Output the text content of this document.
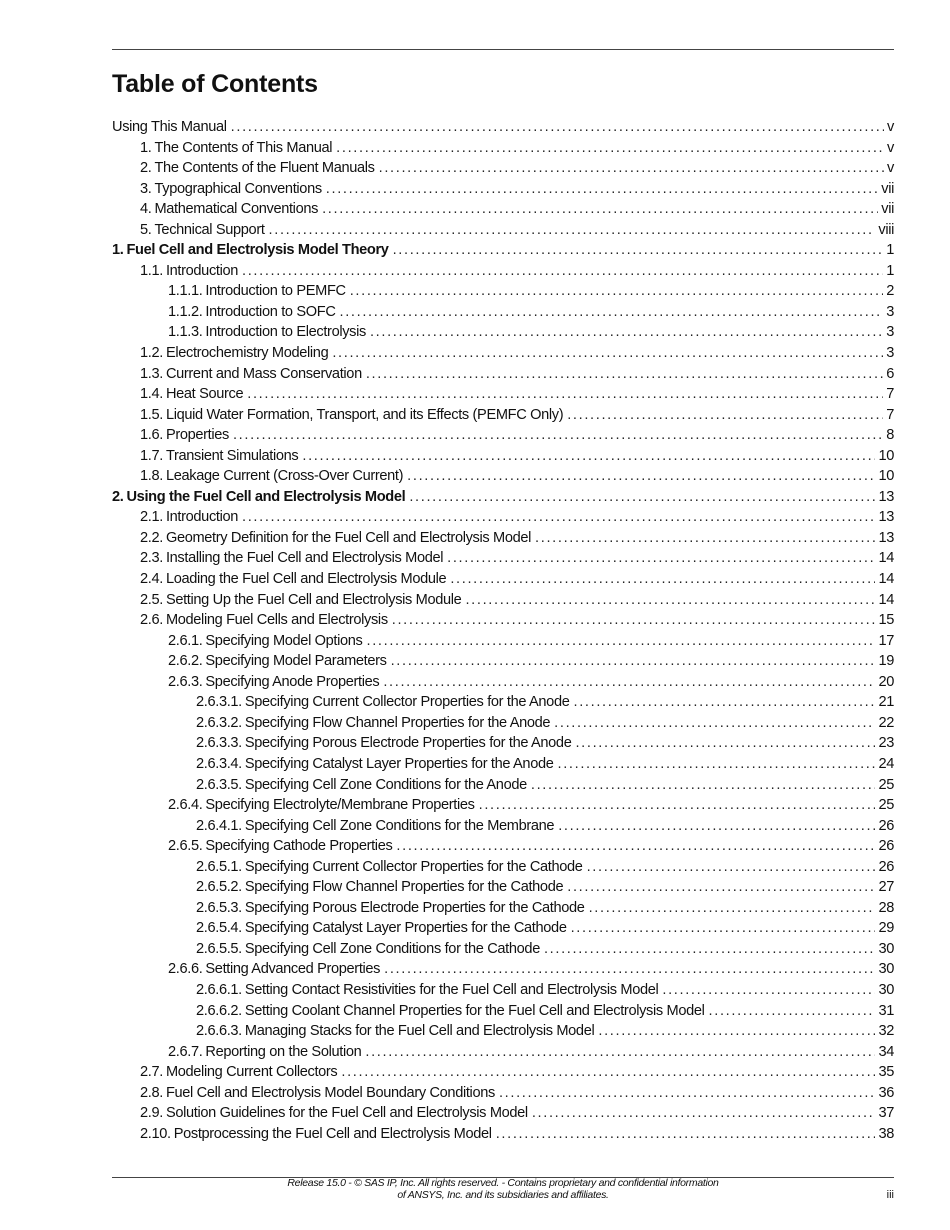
Table of Contents
Using This Manual . . .	v
1. The Contents of This Manual . . .	v
2. The Contents of the Fluent Manuals . . .	v
3. Typographical Conventions . . .	vii
4. Mathematical Conventions . . .	vii
5. Technical Support . . .	viii
1. Fuel Cell and Electrolysis Model Theory . . .	1
1.1. Introduction . . .	1
1.1.1. Introduction to PEMFC . . .	2
1.1.2. Introduction to SOFC . . .	3
1.1.3. Introduction to Electrolysis . . .	3
1.2. Electrochemistry Modeling . . .	3
1.3. Current and Mass Conservation . . .	6
1.4. Heat Source . . .	7
1.5. Liquid Water Formation, Transport, and its Effects (PEMFC Only) . . .	7
1.6. Properties . . .	8
1.7. Transient Simulations . . .	10
1.8. Leakage Current (Cross-Over Current) . . .	10
2. Using the Fuel Cell and Electrolysis Model . . .	13
2.1. Introduction . . .	13
2.2. Geometry Definition for the Fuel Cell and Electrolysis Model . . .	13
2.3. Installing the Fuel Cell and Electrolysis Model . . .	14
2.4. Loading the Fuel Cell and Electrolysis Module . . .	14
2.5. Setting Up the Fuel Cell and Electrolysis Module . . .	14
2.6. Modeling Fuel Cells and Electrolysis . . .	15
2.6.1. Specifying Model Options . . .	17
2.6.2. Specifying Model Parameters . . .	19
2.6.3. Specifying Anode Properties . . .	20
2.6.3.1. Specifying Current Collector Properties for the Anode . . .	21
2.6.3.2. Specifying Flow Channel Properties for the Anode . . .	22
2.6.3.3. Specifying Porous Electrode Properties for the Anode . . .	23
2.6.3.4. Specifying Catalyst Layer Properties for the Anode . . .	24
2.6.3.5. Specifying Cell Zone Conditions for the Anode . . .	25
2.6.4. Specifying Electrolyte/Membrane Properties . . .	25
2.6.4.1. Specifying Cell Zone Conditions for the Membrane . . .	26
2.6.5. Specifying Cathode Properties . . .	26
2.6.5.1. Specifying Current Collector Properties for the Cathode . . .	26
2.6.5.2. Specifying Flow Channel Properties for the Cathode . . .	27
2.6.5.3. Specifying Porous Electrode Properties for the Cathode . . .	28
2.6.5.4. Specifying Catalyst Layer Properties for the Cathode . . .	29
2.6.5.5. Specifying Cell Zone Conditions for the Cathode . . .	30
2.6.6. Setting Advanced Properties . . .	30
2.6.6.1. Setting Contact Resistivities for the Fuel Cell and Electrolysis Model . . .	30
2.6.6.2. Setting Coolant Channel Properties for the Fuel Cell and Electrolysis Model . . .	31
2.6.6.3. Managing Stacks for the Fuel Cell and Electrolysis Model . . .	32
2.6.7. Reporting on the Solution . . .	34
2.7. Modeling Current Collectors . . .	35
2.8. Fuel Cell and Electrolysis Model Boundary Conditions . . .	36
2.9. Solution Guidelines for the Fuel Cell and Electrolysis Model . . .	37
2.10. Postprocessing the Fuel Cell and Electrolysis Model . . .	38
Release 15.0 - © SAS IP, Inc. All rights reserved. - Contains proprietary and confidential information
of ANSYS, Inc. and its subsidiaries and affiliates.	iii
